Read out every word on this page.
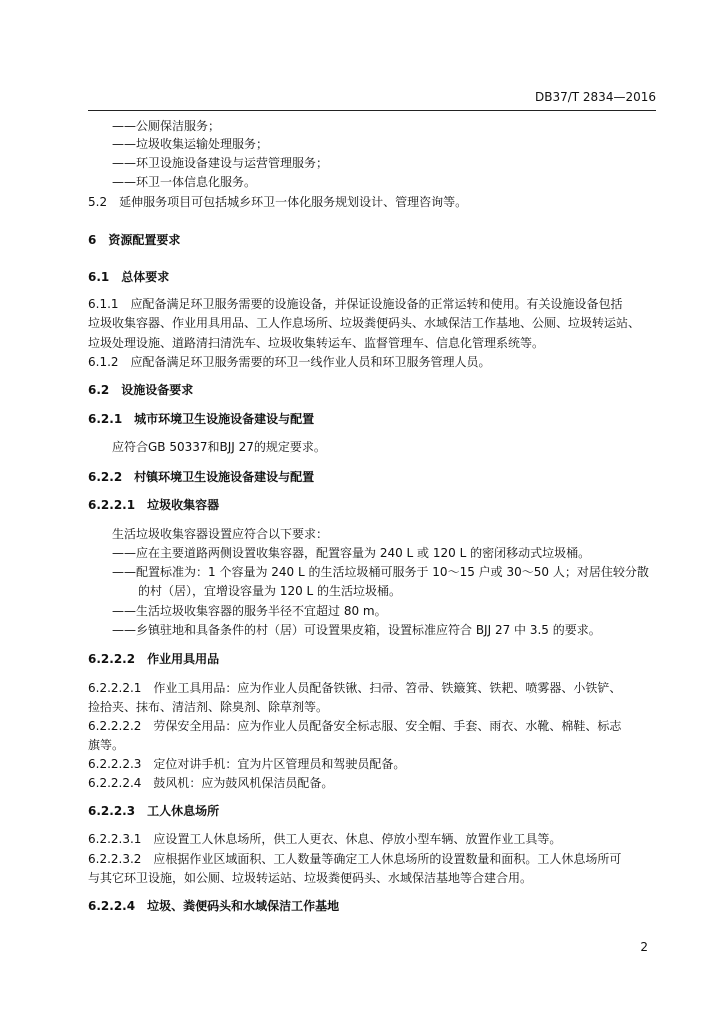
DB37/T 2834—2016
——公厕保洁服务；
——垃圾收集运输处理服务；
——环卫设施设备建设与运营管理服务；
——环卫一体信息化服务。
5.2　延伸服务项目可包括城乡环卫一体化服务规划设计、管理咨询等。
6　资源配置要求
6.1　总体要求
6.1.1　应配备满足环卫服务需要的设施设备，并保证设施设备的正常运转和使用。有关设施设备包括
垃圾收集容器、作业用具用品、工人作息场所、垃圾粪便码头、水域保洁工作基地、公厕、垃圾转运站、
垃圾处理设施、道路清扫清洗车、垃圾收集转运车、监督管理车、信息化管理系统等。
6.1.2　应配备满足环卫服务需要的环卫一线作业人员和环卫服务管理人员。
6.2　设施设备要求
6.2.1　城市环境卫生设施设备建设与配置
应符合GB 50337和BJJ 27的规定要求。
6.2.2　村镇环境卫生设施设备建设与配置
6.2.2.1　垃圾收集容器
生活垃圾收集容器设置应符合以下要求：
——应在主要道路两侧设置收集容器，配置容量为 240 L 或 120 L 的密闭移动式垃圾桶。
——配置标准为：1 个容量为 240 L 的生活垃圾桶可服务于 10～15 户或 30～50 人；对居住较分散
的村（居），宜增设容量为 120 L 的生活垃圾桶。
——生活垃圾收集容器的服务半径不宜超过 80 m。
——乡镇驻地和具备条件的村（居）可设置果皮箱，设置标准应符合 BJJ 27 中 3.5 的要求。
6.2.2.2　作业用具用品
6.2.2.2.1　作业工具用品：应为作业人员配备铁锹、扫帚、笤帚、铁簸箕、铁耙、喷雾器、小铁铲、
捡拾夹、抹布、清洁剂、除臭剂、除草剂等。
6.2.2.2.2　劳保安全用品：应为作业人员配备安全标志服、安全帽、手套、雨衣、水靴、棉鞋、标志
旗等。
6.2.2.2.3　定位对讲手机：宜为片区管理员和驾驶员配备。
6.2.2.2.4　鼓风机：应为鼓风机保洁员配备。
6.2.2.3　工人休息场所
6.2.2.3.1　应设置工人休息场所，供工人更衣、休息、停放小型车辆、放置作业工具等。
6.2.2.3.2　应根据作业区域面积、工人数量等确定工人休息场所的设置数量和面积。工人休息场所可
与其它环卫设施，如公厕、垃圾转运站、垃圾粪便码头、水域保洁基地等合建合用。
6.2.2.4　垃圾、粪便码头和水域保洁工作基地
2
